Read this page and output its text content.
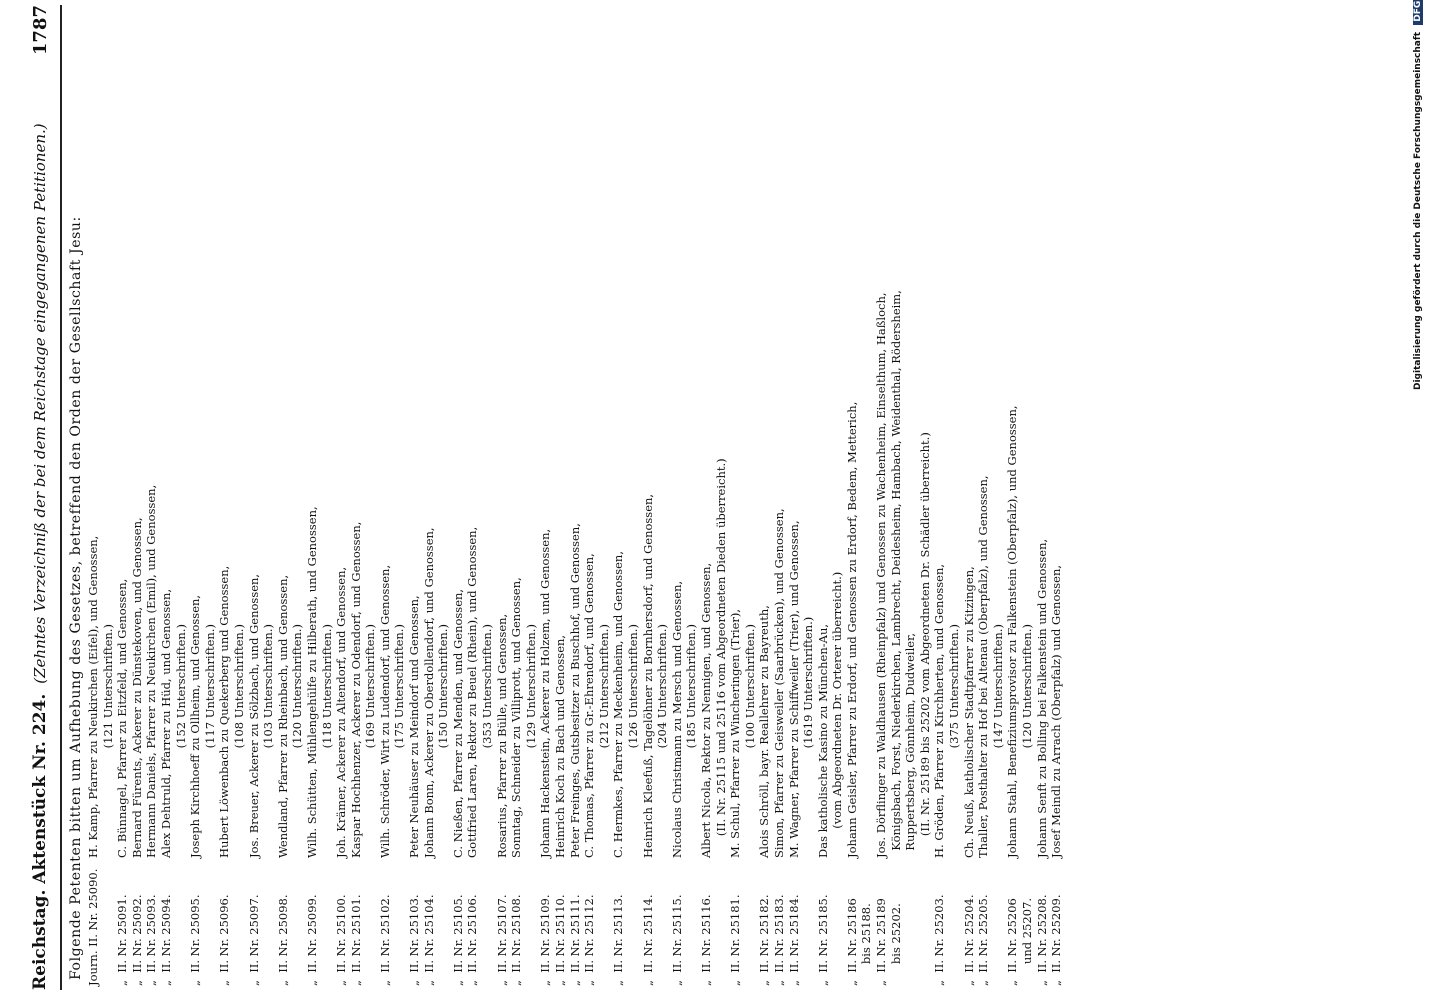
Reichstag. Aktenstück Nr. 224.
(Zehntes Verzeichniß der bei dem Reichstage eingegangenen Petitionen.)
1787
Folgende Petenten bitten um Aufhebung des Gesetzes, betreffend den Orden der Gesellschaft Jesu: Journ. II. Nr. 25090.
H. Kamp, Pfarrer zu Neukirchen (Eifel), und Genossen,
(121 Unterschriften.)
„  II. Nr. 25091.
C. Bünnagel, Pfarrer zu Eitzfeld, und Genossen,
„  II. Nr. 25092.
Bernard Fürents, Ackerer zu Dünstekoven, und Genossen,
„  II. Nr. 25093.
Hermann Daniels, Pfarrer zu Neukirchen (Emil), und Genossen,
„  II. Nr. 25094.
Alex Dehtruld, Pfarrer zu Hüd, und Genossen,
(152 Unterschriften.)
„  II. Nr. 25095.
Joseph Kirchhoeff zu Ollheim, und Genossen,
(117 Unterschriften.)
„  II. Nr. 25096.
Hubert Löwenbach zu Quekerberg und Genossen,
(108 Unterschriften.)
„  II. Nr. 25097.
Jos. Breuer, Ackerer zu Sölzbach, und Genossen,
(103 Unterschriften.)
„  II. Nr. 25098.
Wendland, Pfarrer zu Rheinbach, und Genossen,
(120 Unterschriften.)
„  II. Nr. 25099.
Wilh. Schütten, Mühlengehülfe zu Hilberath, und Genossen,
(118 Unterschriften.)
„  II. Nr. 25100.
Joh. Krämer, Ackerer zu Altendorf, und Genossen,
„  II. Nr. 25101.
Kaspar Hochhenzer, Ackerer zu Odendorf, und Genossen,
(169 Unterschriften.)
„  II. Nr. 25102.
Wilh. Schröder, Wirt zu Ludendorf, und Genossen,
(175 Unterschriften.)
„  II. Nr. 25103.
Peter Neuhäuser zu Meindorf und Genossen,
„  II. Nr. 25104.
Johann Bonn, Ackerer zu Oberdollendorf, und Genossen,
(150 Unterschriften.)
„  II. Nr. 25105.
C. Nießen, Pfarrer zu Menden, und Genossen,
„  II. Nr. 25106.
Gottfried Laren, Rektor zu Beuel (Rhein), und Genossen,
(353 Unterschriften.)
„  II. Nr. 25107.
Rosarius, Pfarrer zu Bülle, und Genossen,
„  II. Nr. 25108.
Sonntag, Schneider zu Villiprott, und Genossen,
(129 Unterschriften.)
„  II. Nr. 25109.
Johann Hackenstein, Ackerer zu Holzem, und Genossen,
„  II. Nr. 25110.
Heinrich Koch zu Bach und Genossen,
„  II. Nr. 25111.
Peter Freinges, Gutsbesitzer zu Buschhof, und Genossen,
„  II. Nr. 25112.
C. Thomas, Pfarrer zu Gr.-Ehrendorf, und Genossen,
(212 Unterschriften.)
„  II. Nr. 25113.
C. Hermkes, Pfarrer zu Meckenheim, und Genossen,
(126 Unterschriften.)
„  II. Nr. 25114.
Heinrich Kleefuß, Tagelöhner zu Bornhersdorf, und Genossen,
(204 Unterschriften.)
„  II. Nr. 25115.
Nicolaus Christmann zu Mersch und Genossen,
(185 Unterschriften.)
„  II. Nr. 25116.
Albert Nicola, Rektor zu Nennigen, und Genossen,
(II. Nr. 25115 und 25116 vom Abgeordneten Dieden überreicht.)
„  II. Nr. 25181.
M. Schul, Pfarrer zu Wincheringen (Trier),
(100 Unterschriften.)
„  II. Nr. 25182.
Alois Schröll, bayr. Reallehrer zu Bayreuth,
„  II. Nr. 25183.
Simon, Pfarrer zu Geisweiler (Saarbrücken), und Genossen,
„  II. Nr. 25184.
M. Wagner, Pfarrer zu Schiffweiler (Trier), und Genossen,
(1619 Unterschriften.)
„  II. Nr. 25185.
Das katholische Kasino zu München-Au,
(vom Abgeordneten Dr. Orterer überreicht.)
„  II. Nr. 25186
bis 25188.
Johann Geisler, Pfarrer zu Erdorf, und Genossen zu Erdorf, Bedem, Metterich,
„  II. Nr. 25189
bis 25202.
Jos. Dörflinger zu Waldhausen (Rheinpfalz) und Genossen zu Wachenheim, Einselthum, Haßloch,
Königsbach, Forst, Niederkirchen, Lambrecht, Deidesheim, Hambach, Weidenthal, Rödersheim,
Ruppertsberg, Gönnheim, Dudweiler,
(II. Nr. 25189 bis 25202 vom Abgeordneten Dr. Schädler überreicht.)
„  II. Nr. 25203.
H. Gröden, Pfarrer zu Kirchherten, und Genossen,
(375 Unterschriften.)
„  II. Nr. 25204.
Ch. Neuß, katholischer Stadtpfarrer zu Kitzingen,
„  II. Nr. 25205.
Thaller, Posthalter zu Hof bei Altenau (Oberpfalz), und Genossen,
(147 Unterschriften.)
„  II. Nr. 25206
und 25207.
Johann Stahl, Benefiziumsprovisor zu Falkenstein (Oberpfalz), und Genossen,
(120 Unterschriften.)
„  II. Nr. 25208.
Johann Senft zu Bolling bei Falkenstein und Genossen,
„  II. Nr. 25209.
Josef Meindl zu Arrach (Oberpfalz) und Genossen,
Digitalisierung gefördert durch die Deutsche Forschungsgemeinschaft DFG
